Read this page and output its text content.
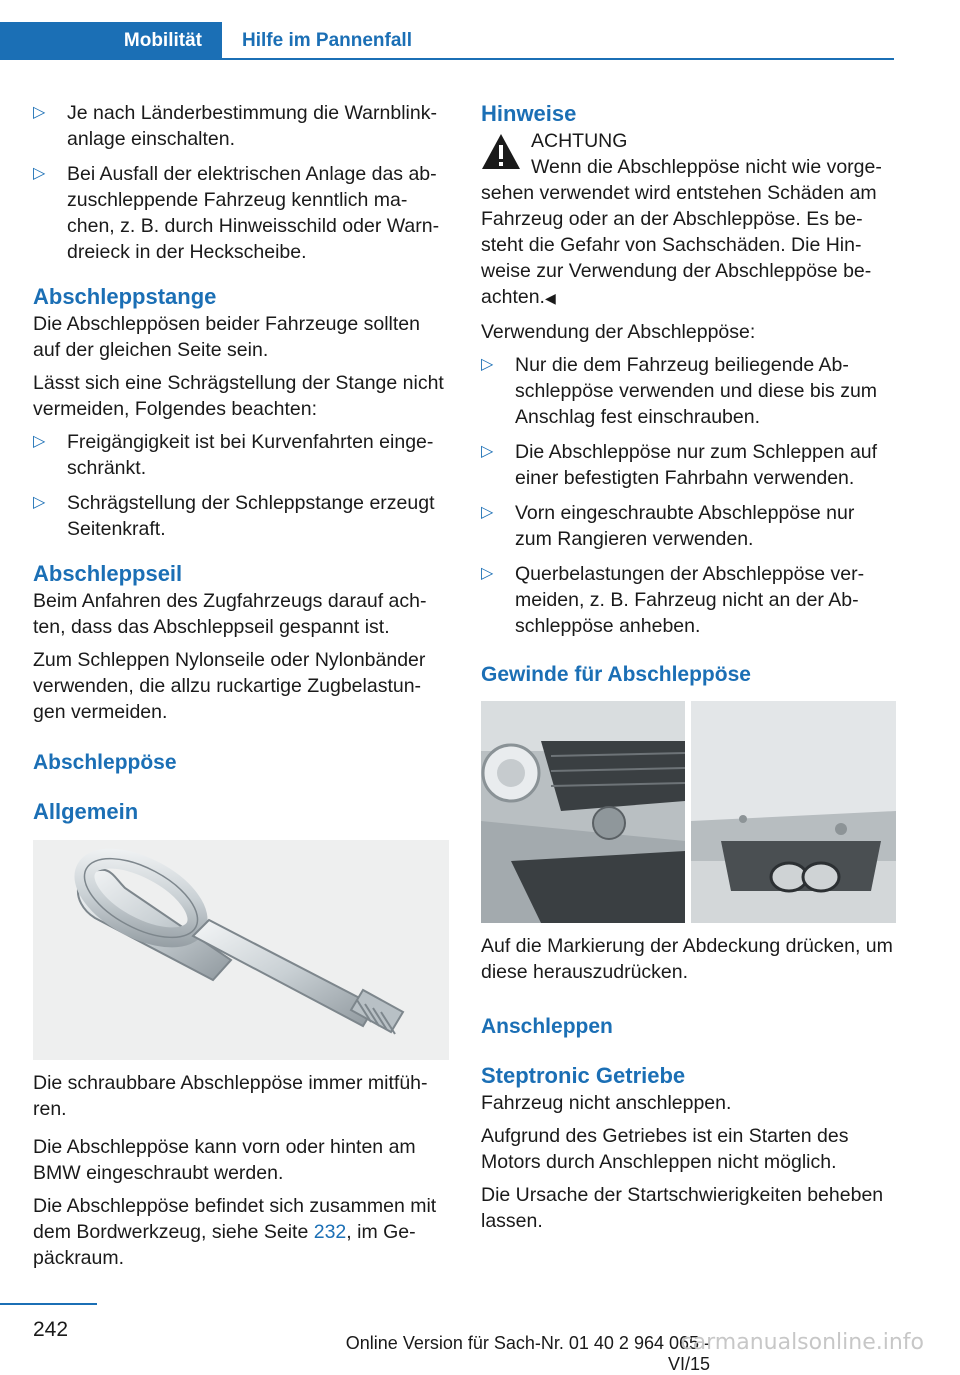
Mobilität Hilfe im Pannenfall
▷ Je nach Länderbestimmung die Warnblink-anlage einschalten.
▷ Bei Ausfall der elektrischen Anlage das ab-zuschleppende Fahrzeug kenntlich ma-chen, z. B. durch Hinweisschild oder Warn-dreieck in der Heckscheibe.
Abschleppstange
Die Abschleppösen beider Fahrzeuge sollten auf der gleichen Seite sein.
Lässt sich eine Schrägstellung der Stange nicht vermeiden, Folgendes beachten:
▷ Freigängigkeit ist bei Kurvenfahrten einge-schränkt.
▷ Schrägstellung der Schleppstange erzeugt Seitenkraft.
Abschleppseil
Beim Anfahren des Zugfahrzeugs darauf ach-ten, dass das Abschleppseil gespannt ist.
Zum Schleppen Nylonseile oder Nylonbänder verwenden, die allzu ruckartige Zugbelastun-gen vermeiden.
Abschleppöse
Allgemein
Die schraubbare Abschleppöse immer mitfüh-ren.
Die Abschleppöse kann vorn oder hinten am BMW eingeschraubt werden.
Die Abschleppöse befindet sich zusammen mit dem Bordwerkzeug, siehe Seite 232, im Ge-päckraum.
Hinweise
ACHTUNG
Wenn die Abschleppöse nicht wie vorge-
sehen verwendet wird entstehen Schäden am Fahrzeug oder an der Abschleppöse. Es be-steht die Gefahr von Sachschäden. Die Hin-weise zur Verwendung der Abschleppöse be-achten.◀
Verwendung der Abschleppöse:
▷ Nur die dem Fahrzeug beiliegende Ab-schleppöse verwenden und diese bis zum Anschlag fest einschrauben.
▷ Die Abschleppöse nur zum Schleppen auf einer befestigten Fahrbahn verwenden.
▷ Vorn eingeschraubte Abschleppöse nur zum Rangieren verwenden.
▷ Querbelastungen der Abschleppöse ver-meiden, z. B. Fahrzeug nicht an der Ab-schleppöse anheben.
Gewinde für Abschleppöse
Auf die Markierung der Abdeckung drücken, um diese herauszudrücken.
Anschleppen
Steptronic Getriebe
Fahrzeug nicht anschleppen.
Aufgrund des Getriebes ist ein Starten des Motors durch Anschleppen nicht möglich.
Die Ursache der Startschwierigkeiten beheben lassen.
242
Online Version für Sach-Nr. 01 40 2 964 065 - VI/15
carmanualsonline.info
